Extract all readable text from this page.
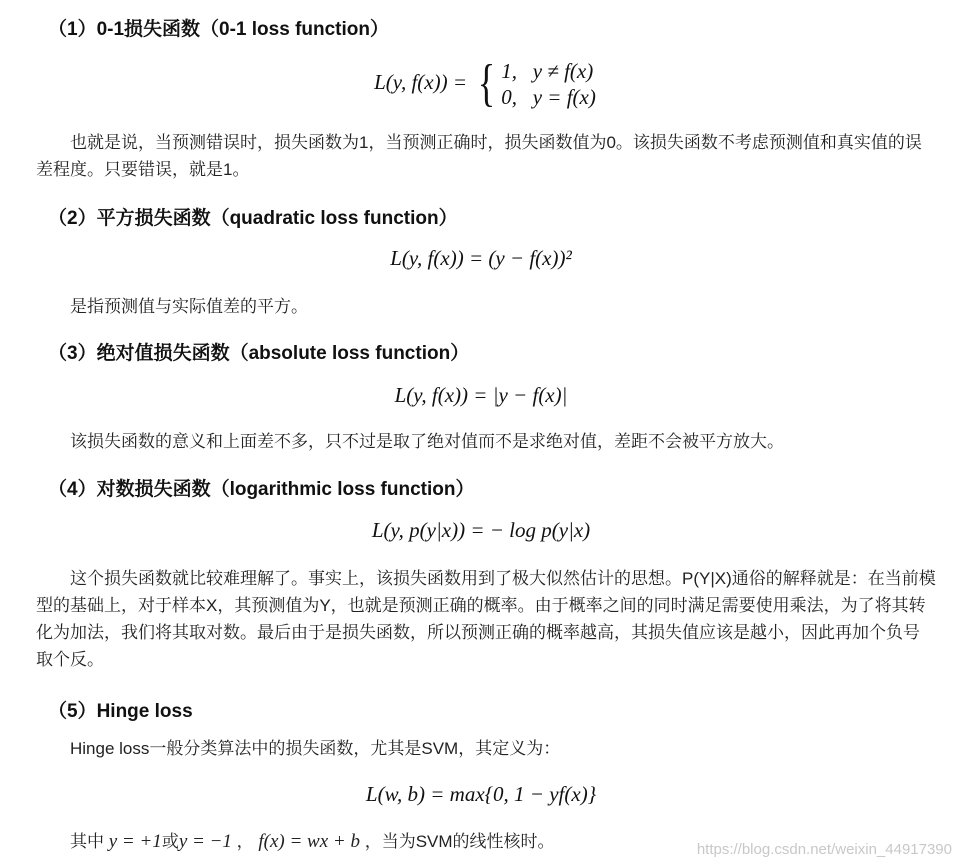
（1）0-1损失函数（0-1 loss function）
L(y, f(x)) = { 1,   y ≠ f(x)
0,   y = f(x)

也就是说，当预测错误时，损失函数为1，当预测正确时，损失函数值为0。该损失函数不考虑预测值和真实值的误差程度。只要错误，就是1。

（2）平方损失函数（quadratic loss function）
L(y, f(x)) = (y − f(x))²

是指预测值与实际值差的平方。

（3）绝对值损失函数（absolute loss function）
L(y, f(x)) = |y − f(x)|

该损失函数的意义和上面差不多，只不过是取了绝对值而不是求绝对值，差距不会被平方放大。

（4）对数损失函数（logarithmic loss function）
L(y, p(y|x)) = − log p(y|x)

这个损失函数就比较难理解了。事实上，该损失函数用到了极大似然估计的思想。P(Y|X)通俗的解释就是：在当前模型的基础上，对于样本X，其预测值为Y，也就是预测正确的概率。由于概率之间的同时满足需要使用乘法，为了将其转化为加法，我们将其取对数。最后由于是损失函数，所以预测正确的概率越高，其损失值应该是越小，因此再加个负号取个反。

（5）Hinge loss

Hinge loss一般分类算法中的损失函数，尤其是SVM，其定义为：

L(w, b) = max{0, 1 − yf(x)}

其中 y = +1或y = −1 ， f(x) = wx + b ，当为SVM的线性核时。	https://blog.csdn.net/weixin_44917390
